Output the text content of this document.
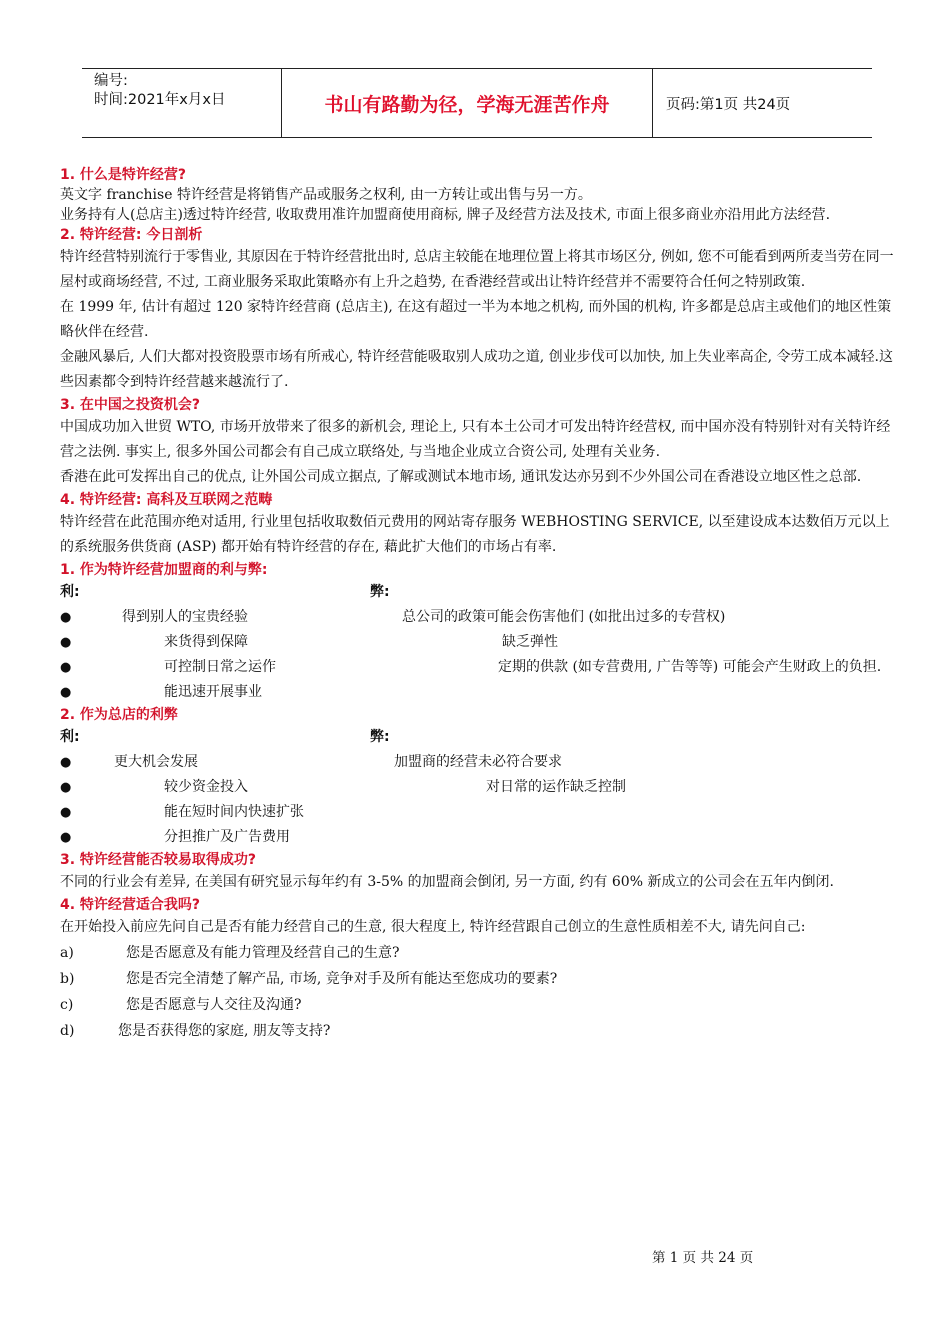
编号:
时间:2021年x月x日	书山有路勤为径，学海无涯苦作舟	页码:第1页 共24页

1. 什么是特许经营?

英文字 franchise 特许经营是将销售产品或服务之权利, 由一方转让或出售与另一方。

业务持有人(总店主)透过特许经营, 收取费用准许加盟商使用商标, 牌子及经营方法及技术, 市面上很多商业亦沿用此方法经营.

2. 特许经营: 今日剖析

特许经营特别流行于零售业, 其原因在于特许经营批出时, 总店主较能在地理位置上将其市场区分, 例如, 您不可能看到两所麦当劳在同一屋村或商场经营, 不过, 工商业服务采取此策略亦有上升之趋势, 在香港经营或出让特许经营并不需要符合任何之特别政策.

在 1999 年, 估计有超过 120 家特许经营商 (总店主), 在这有超过一半为本地之机构, 而外国的机构, 许多都是总店主或他们的地区性策略伙伴在经营.

金融风暴后, 人们大都对投资股票市场有所戒心, 特许经营能吸取别人成功之道, 创业步伐可以加快, 加上失业率高企, 令劳工成本减轻.这些因素都令到特许经营越来越流行了.

3. 在中国之投资机会?

中国成功加入世贸 WTO, 市场开放带来了很多的新机会, 理论上, 只有本土公司才可发出特许经营权, 而中国亦没有特别针对有关特许经营之法例. 事实上, 很多外国公司都会有自己成立联络处, 与当地企业成立合资公司, 处理有关业务.

香港在此可发挥出自己的优点, 让外国公司成立据点, 了解或测试本地市场, 通讯发达亦另到不少外国公司在香港设立地区性之总部.

4. 特许经营: 高科及互联网之范畴

特许经营在此范围亦绝对适用, 行业里包括收取数佰元费用的网站寄存服务 WEBHOSTING SERVICE, 以至建设成本达数佰万元以上的系统服务供货商 (ASP) 都开始有特许经营的存在, 藉此扩大他们的市场占有率.

1. 作为特许经营加盟商的利与弊:

利:	弊:
●	得到别人的宝贵经验	总公司的政策可能会伤害他们 (如批出过多的专营权)
●	来货得到保障	缺乏弹性
●	可控制日常之运作	定期的供款 (如专营费用, 广告等等) 可能会产生财政上的负担.
●	能迅速开展事业

2. 作为总店的利弊

利:	弊:
●	更大机会发展	加盟商的经营未必符合要求
●	较少资金投入	对日常的运作缺乏控制
●	能在短时间内快速扩张
●	分担推广及广告费用

3. 特许经营能否较易取得成功?

不同的行业会有差异, 在美国有研究显示每年约有 3-5% 的加盟商会倒闭, 另一方面, 约有 60% 新成立的公司会在五年内倒闭.

4. 特许经营适合我吗?

在开始投入前应先问自己是否有能力经营自己的生意, 很大程度上, 特许经营跟自己创立的生意性质相差不大, 请先问自己:

a)	您是否愿意及有能力管理及经营自己的生意?
b)	您是否完全清楚了解产品, 市场, 竞争对手及所有能达至您成功的要素?
c)	您是否愿意与人交往及沟通?
d)	您是否获得您的家庭, 朋友等支持?
第 1 页 共 24 页
